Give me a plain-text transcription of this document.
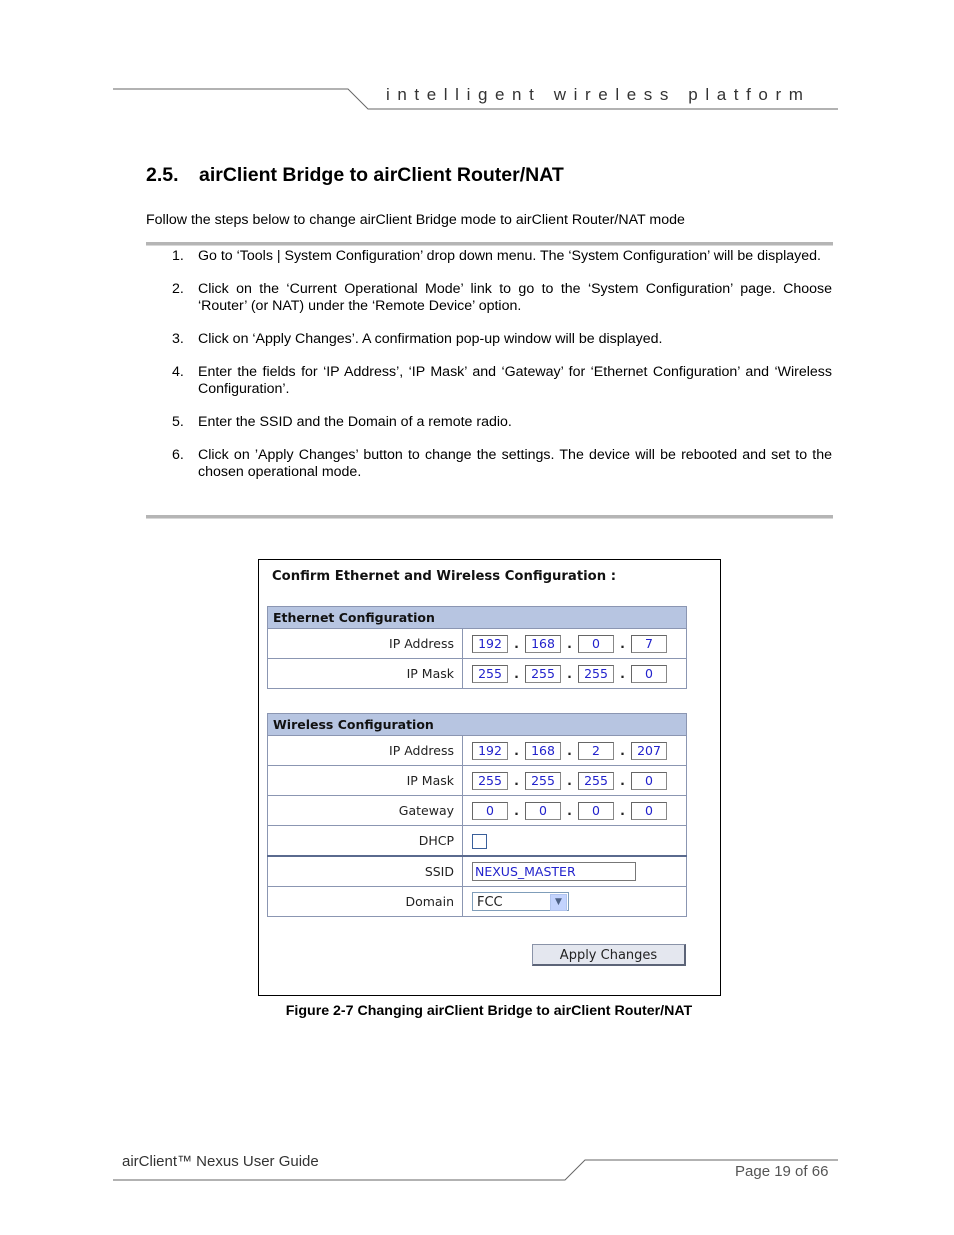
intelligent wireless platform
2.5. airClient Bridge to airClient Router/NAT
Follow the steps below to change airClient Bridge mode to airClient Router/NAT mode
1. Go to ‘Tools | System Configuration’ drop down menu. The ‘System Configuration’ will be displayed.
2. Click on the ‘Current Operational Mode’ link to go to the ‘System Configuration’ page. Choose ‘Router’ (or NAT) under the ‘Remote Device’ option.
3. Click on ‘Apply Changes’. A confirmation pop-up window will be displayed.
4. Enter the fields for ‘IP Address’, ‘IP Mask’ and ‘Gateway’ for ‘Ethernet Configuration’ and ‘Wireless Configuration’.
5. Enter the SSID and the Domain of a remote radio.
6. Click on ’Apply Changes’ button to change the settings. The device will be rebooted and set to the chosen operational mode.
Confirm Ethernet and Wireless Configuration :
Ethernet Configuration	
IP Address	192 . 168 . 0 . 7
IP Mask	255 . 255 . 255 . 0
Wireless Configuration	
IP Address	192 . 168 . 2 . 207
IP Mask	255 . 255 . 255 . 0
Gateway	0 . 0 . 0 . 0
DHCP	
SSID	NEXUS_MASTER
Domain	FCC ▼
Apply Changes
Figure 2-7 Changing airClient Bridge to airClient Router/NAT
airClient™ Nexus User Guide
Page 19 of 66
